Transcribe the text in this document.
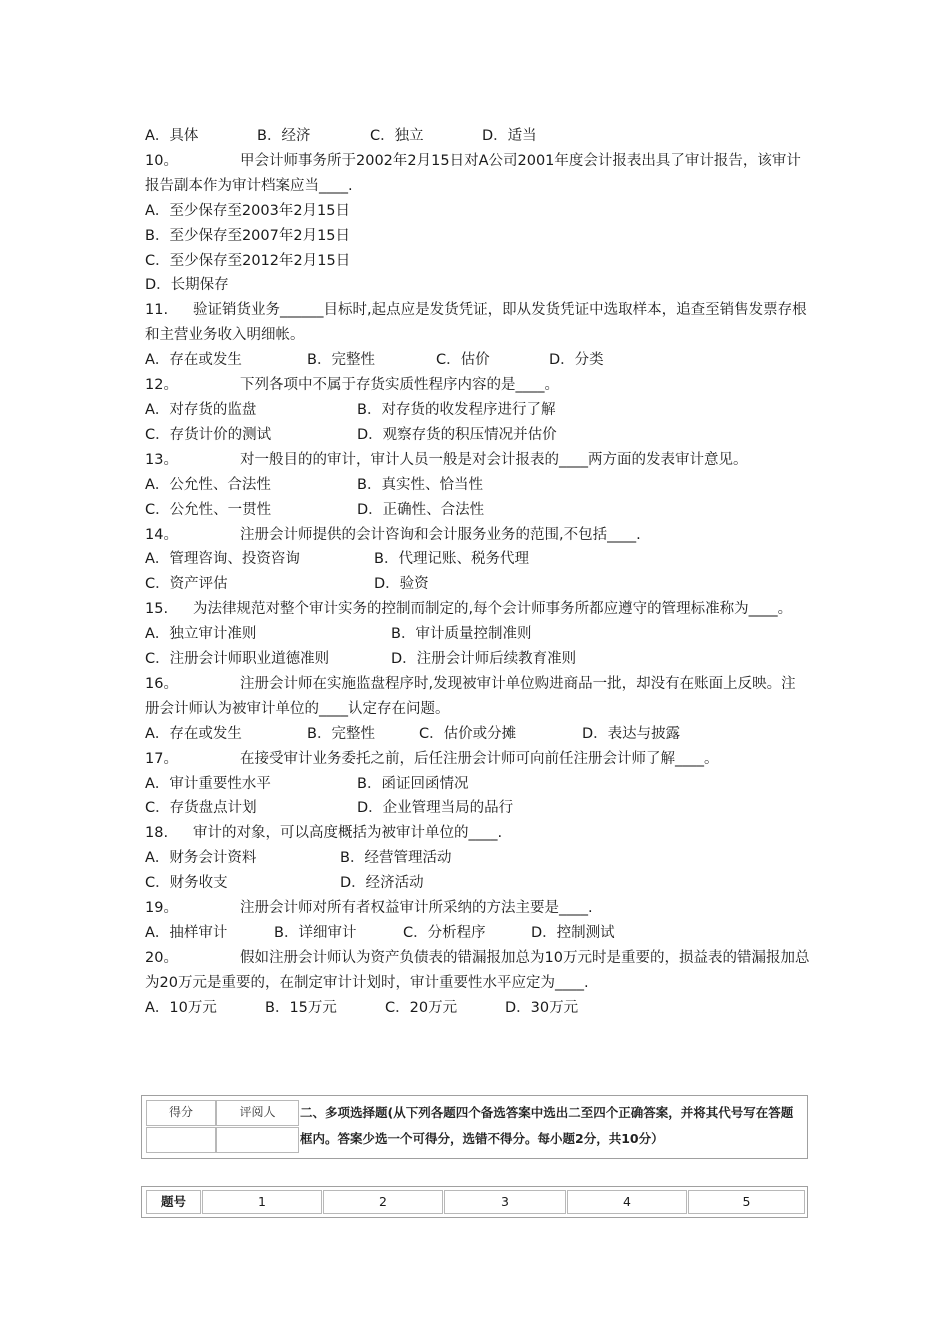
A．具体	B．经济	C．独立	D．适当
10。	甲会计师事务所于2002年2月15日对A公司2001年度会计报表出具了审计报告，该审计报告副本作为审计档案应当____.
A．至少保存至2003年2月15日
B．至少保存至2007年2月15日
C．至少保存至2012年2月15日
D．长期保存
11. 验证销货业务______目标时,起点应是发货凭证，即从发货凭证中选取样本，追查至销售发票存根和主营业务收入明细帐。
A．存在或发生	B．完整性	C．估价	D．分类
12。	下列各项中不属于存货实质性程序内容的是____。
A．对存货的监盘	B．对存货的收发程序进行了解
C．存货计价的测试	D．观察存货的积压情况并估价
13。	对一般目的的审计，审计人员一般是对会计报表的____两方面的发表审计意见。
A．公允性、合法性	B．真实性、恰当性
C．公允性、一贯性	D．正确性、合法性
14。	注册会计师提供的会计咨询和会计服务业务的范围,不包括____.
A．管理咨询、投资咨询	B．代理记账、税务代理
C．资产评估	D．验资
15. 为法律规范对整个审计实务的控制而制定的,每个会计师事务所都应遵守的管理标准称为____。
A．独立审计准则	B．审计质量控制准则
C．注册会计师职业道德准则	D．注册会计师后续教育准则
16。	注册会计师在实施监盘程序时,发现被审计单位购进商品一批，却没有在账面上反映。注册会计师认为被审计单位的____认定存在问题。
A．存在或发生	B．完整性	C．估价或分摊	D．表达与披露
17。	在接受审计业务委托之前，后任注册会计师可向前任注册会计师了解____。
A．审计重要性水平	B．函证回函情况
C．存货盘点计划	D．企业管理当局的品行
18. 审计的对象，可以高度概括为被审计单位的____.
A．财务会计资料	B．经营管理活动
C．财务收支	D．经济活动
19。	注册会计师对所有者权益审计所采纳的方法主要是____.
A．抽样审计	B．详细审计	C．分析程序	D．控制测试
20。	假如注册会计师认为资产负债表的错漏报加总为10万元时是重要的，损益表的错漏报加总为20万元是重要的，在制定审计计划时，审计重要性水平应定为____.
A．10万元	B．15万元	C．20万元	D．30万元
得分	评阅人	二、多项选择题(从下列各题四个备选答案中选出二至四个正确答案，并将其代号写在答题框内。答案少选一个可得分，选错不得分。每小题2分，共10分）
题号	1	2	3	4	5
